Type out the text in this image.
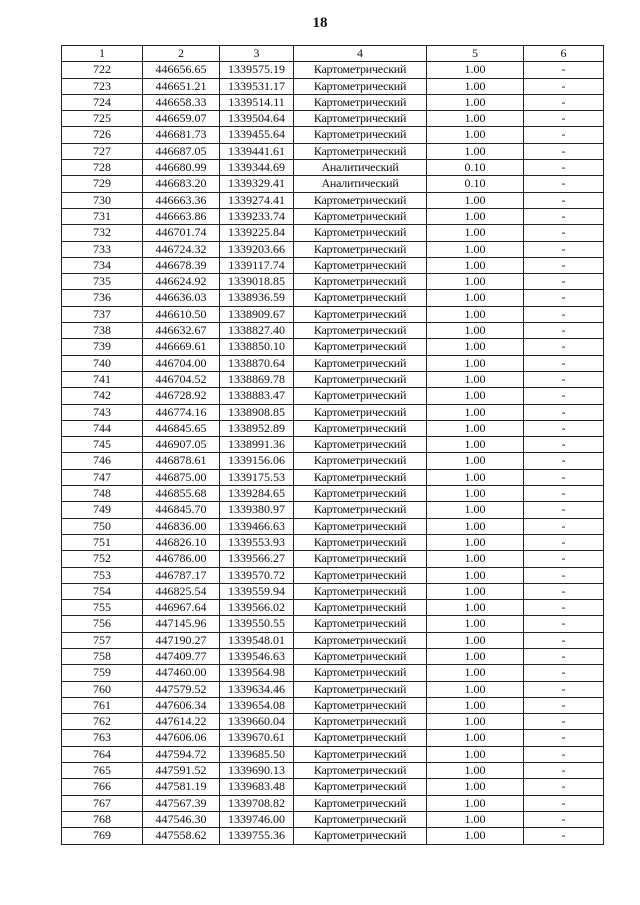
18
1	2	3	4	5	6
722	446656.65	1339575.19	Картометрический	1.00	-
723	446651.21	1339531.17	Картометрический	1.00	-
724	446658.33	1339514.11	Картометрический	1.00	-
725	446659.07	1339504.64	Картометрический	1.00	-
726	446681.73	1339455.64	Картометрический	1.00	-
727	446687.05	1339441.61	Картометрический	1.00	-
728	446680.99	1339344.69	Аналитический	0.10	-
729	446683.20	1339329.41	Аналитический	0.10	-
730	446663.36	1339274.41	Картометрический	1.00	-
731	446663.86	1339233.74	Картометрический	1.00	-
732	446701.74	1339225.84	Картометрический	1.00	-
733	446724.32	1339203.66	Картометрический	1.00	-
734	446678.39	1339117.74	Картометрический	1.00	-
735	446624.92	1339018.85	Картометрический	1.00	-
736	446636.03	1338936.59	Картометрический	1.00	-
737	446610.50	1338909.67	Картометрический	1.00	-
738	446632.67	1338827.40	Картометрический	1.00	-
739	446669.61	1338850.10	Картометрический	1.00	-
740	446704.00	1338870.64	Картометрический	1.00	-
741	446704.52	1338869.78	Картометрический	1.00	-
742	446728.92	1338883.47	Картометрический	1.00	-
743	446774.16	1338908.85	Картометрический	1.00	-
744	446845.65	1338952.89	Картометрический	1.00	-
745	446907.05	1338991.36	Картометрический	1.00	-
746	446878.61	1339156.06	Картометрический	1.00	-
747	446875.00	1339175.53	Картометрический	1.00	-
748	446855.68	1339284.65	Картометрический	1.00	-
749	446845.70	1339380.97	Картометрический	1.00	-
750	446836.00	1339466.63	Картометрический	1.00	-
751	446826.10	1339553.93	Картометрический	1.00	-
752	446786.00	1339566.27	Картометрический	1.00	-
753	446787.17	1339570.72	Картометрический	1.00	-
754	446825.54	1339559.94	Картометрический	1.00	-
755	446967.64	1339566.02	Картометрический	1.00	-
756	447145.96	1339550.55	Картометрический	1.00	-
757	447190.27	1339548.01	Картометрический	1.00	-
758	447409.77	1339546.63	Картометрический	1.00	-
759	447460.00	1339564.98	Картометрический	1.00	-
760	447579.52	1339634.46	Картометрический	1.00	-
761	447606.34	1339654.08	Картометрический	1.00	-
762	447614.22	1339660.04	Картометрический	1.00	-
763	447606.06	1339670.61	Картометрический	1.00	-
764	447594.72	1339685.50	Картометрический	1.00	-
765	447591.52	1339690.13	Картометрический	1.00	-
766	447581.19	1339683.48	Картометрический	1.00	-
767	447567.39	1339708.82	Картометрический	1.00	-
768	447546.30	1339746.00	Картометрический	1.00	-
769	447558.62	1339755.36	Картометрический	1.00	-
